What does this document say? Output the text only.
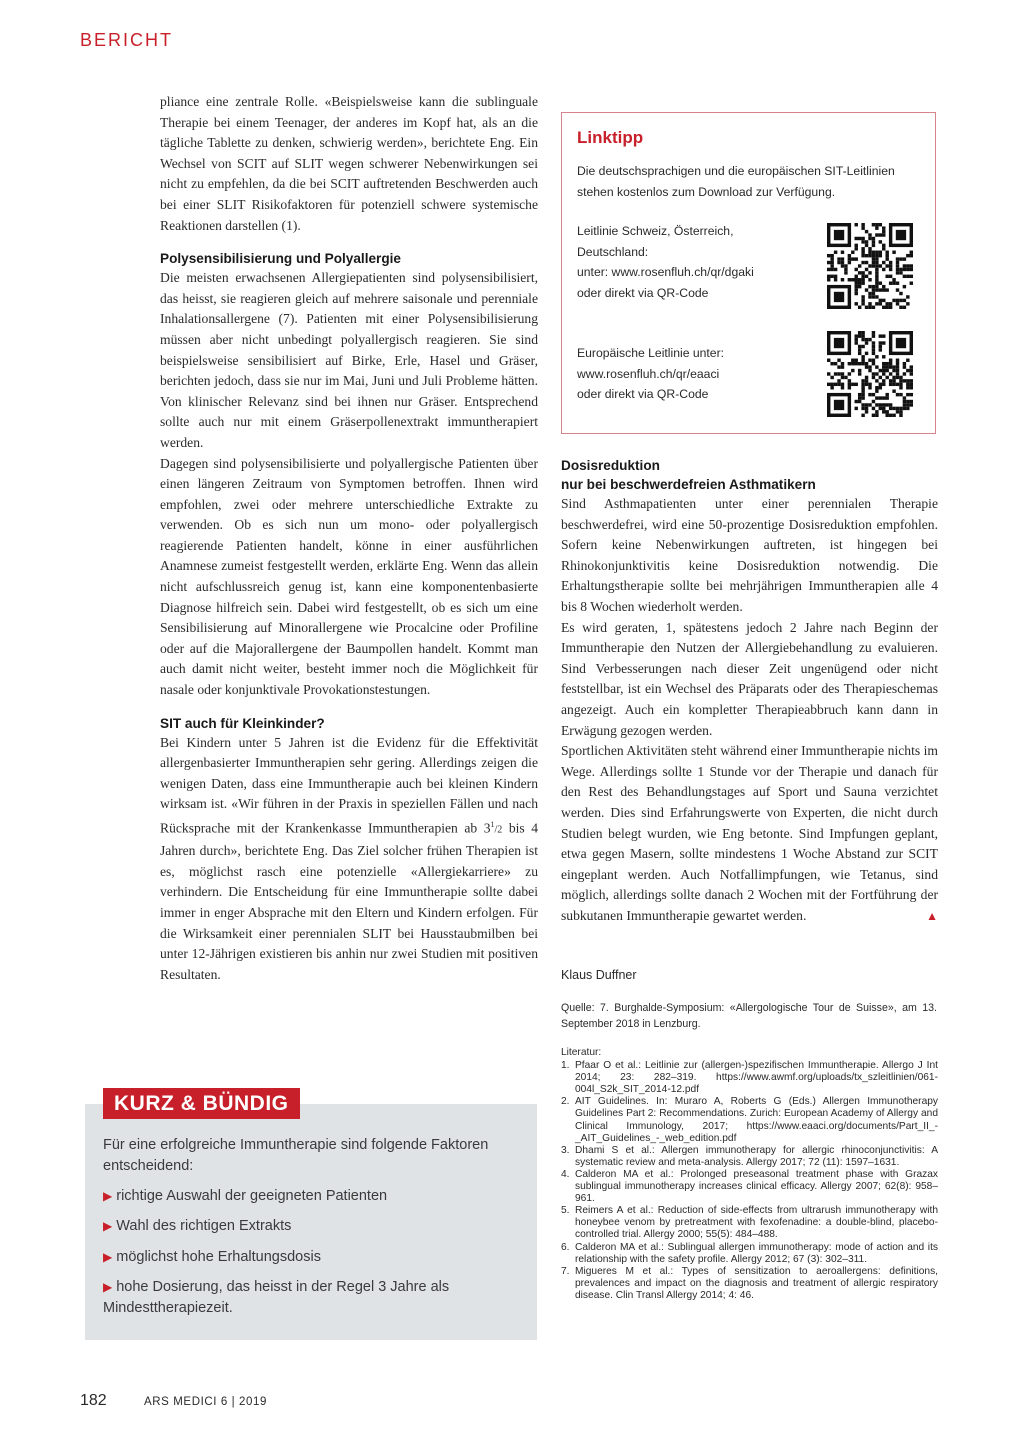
BERICHT

pliance eine zentrale Rolle. «Beispielsweise kann die sublinguale Therapie bei einem Teenager, der anderes im Kopf hat, als an die tägliche Tablette zu denken, schwierig werden», berichtete Eng. Ein Wechsel von SCIT auf SLIT wegen schwerer Nebenwirkungen sei nicht zu empfehlen, da die bei SCIT auftretenden Beschwerden auch bei einer SLIT Risikofaktoren für potenziell schwere systemische Reaktionen darstellen (1).

Polysensibilisierung und Polyallergie

Die meisten erwachsenen Allergiepatienten sind polysensibilisiert, das heisst, sie reagieren gleich auf mehrere saisonale und perenniale Inhalationsallergene (7). Patienten mit einer Polysensibilisierung müssen aber nicht unbedingt polyallergisch reagieren. Sie sind beispielsweise sensibilisiert auf Birke, Erle, Hasel und Gräser, berichten jedoch, dass sie nur im Mai, Juni und Juli Probleme hätten. Von klinischer Relevanz sind bei ihnen nur Gräser. Entsprechend sollte auch nur mit einem Gräserpollenextrakt immuntherapiert werden.

Dagegen sind polysensibilisierte und polyallergische Patienten über einen längeren Zeitraum von Symptomen betroffen. Ihnen wird empfohlen, zwei oder mehrere unterschiedliche Extrakte zu verwenden. Ob es sich nun um mono- oder polyallergisch reagierende Patienten handelt, könne in einer ausführlichen Anamnese zumeist festgestellt werden, erklärte Eng. Wenn das allein nicht aufschlussreich genug ist, kann eine komponentenbasierte Diagnose hilfreich sein. Dabei wird festgestellt, ob es sich um eine Sensibilisierung auf Minorallergene wie Procalcine oder Profiline oder auf die Majorallergene der Baumpollen handelt. Kommt man auch damit nicht weiter, besteht immer noch die Möglichkeit für nasale oder konjunktivale Provokationstestungen.

SIT auch für Kleinkinder?

Bei Kindern unter 5 Jahren ist die Evidenz für die Effektivität allergenbasierter Immuntherapien sehr gering. Allerdings zeigen die wenigen Daten, dass eine Immuntherapie auch bei kleinen Kindern wirksam ist. «Wir führen in der Praxis in speziellen Fällen und nach Rücksprache mit der Krankenkasse Immuntherapien ab $3^1/2$ bis 4 Jahren durch», berichtete Eng. Das Ziel solcher frühen Therapien ist es, möglichst rasch eine potenzielle «Allergiekarriere» zu verhindern. Die Entscheidung für eine Immuntherapie sollte dabei immer in enger Absprache mit den Eltern und Kindern erfolgen. Für die Wirksamkeit einer perennialen SLIT bei Hausstaubmilben bei unter 12-Jährigen existieren bis anhin nur zwei Studien mit positiven Resultaten.

Linktipp
Die deutschsprachigen und die europäischen SIT-Leitlinien
stehen kostenlos zum Download zur Verfügung.
Leitlinie Schweiz, Österreich,
Deutschland:
unter: www.rosenfluh.ch/qr/dgaki
oder direkt via QR-Code
Europäische Leitlinie unter:
www.rosenfluh.ch/qr/eaaci
oder direkt via QR-Code

Dosisreduktion

nur bei beschwerdefreien Asthmatikern

Sind Asthmapatienten unter einer perennialen Therapie beschwerdefrei, wird eine 50-prozentige Dosisreduktion empfohlen. Sofern keine Nebenwirkungen auftreten, ist hingegen bei Rhinokonjunktivitis keine Dosisreduktion notwendig. Die Erhaltungstherapie sollte bei mehrjährigen Immuntherapien alle 4 bis 8 Wochen wiederholt werden.

Es wird geraten, 1, spätestens jedoch 2 Jahre nach Beginn der Immuntherapie den Nutzen der Allergiebehandlung zu evaluieren. Sind Verbesserungen nach dieser Zeit ungenügend oder nicht feststellbar, ist ein Wechsel des Präparats oder des Therapieschemas angezeigt. Auch ein kompletter Therapieabbruch kann dann in Erwägung gezogen werden.

Sportlichen Aktivitäten steht während einer Immuntherapie nichts im Wege. Allerdings sollte 1 Stunde vor der Therapie und danach für den Rest des Behandlungstages auf Sport und Sauna verzichtet werden. Dies sind Erfahrungswerte von Experten, die nicht durch Studien belegt wurden, wie Eng betonte. Sind Impfungen geplant, etwa gegen Masern, sollte mindestens 1 Woche Abstand zur SCIT eingeplant werden. Auch Notfallimpfungen, wie Tetanus, sind möglich, allerdings sollte danach 2 Wochen mit der Fortführung der subkutanen Immuntherapie gewartet werden.	▲

Klaus Duffner

Quelle: 7. Burghalde-Symposium: «Allergologische Tour de Suisse», am 13. September 2018 in Lenzburg.

Literatur:

1. Pfaar O et al.: Leitlinie zur (allergen-)spezifischen Immuntherapie. Allergo J Int 2014; 23: 282–319. https://www.awmf.org/uploads/tx_szleitlinien/061-004l_S2k_SIT_2014-12.pdf
2. AIT Guidelines. In: Muraro A, Roberts G (Eds.) Allergen Immunotherapy Guidelines Part 2: Recommendations. Zurich: European Academy of Allergy and Clinical Immunology, 2017; https://www.eaaci.org/documents/Part_II_-_AIT_Guidelines_-_web_edition.pdf
3. Dhami S et al.: Allergen immunotherapy for allergic rhinoconjunctivitis: A systematic review and meta-analysis. Allergy 2017; 72 (11): 1597–1631.
4. Calderon MA et al.: Prolonged preseasonal treatment phase with Grazax sublingual immunotherapy increases clinical efficacy. Allergy 2007; 62(8): 958–961.
5. Reimers A et al.: Reduction of side-effects from ultrarush immunotherapy with honeybee venom by pretreatment with fexofenadine: a double-blind, placebo-controlled trial. Allergy 2000; 55(5): 484–488.
6. Calderon MA et al.: Sublingual allergen immunotherapy: mode of action and its relationship with the safety profile. Allergy 2012; 67 (3): 302–311.
7. Migueres M et al.: Types of sensitization to aeroallergens: definitions, prevalences and impact on the diagnosis and treatment of allergic respiratory disease. Clin Transl Allergy 2014; 4: 46.
KURZ & BÜNDIG

Für eine erfolgreiche Immuntherapie sind folgende Faktoren entscheidend:

▶ richtige Auswahl der geeigneten Patienten
▶ Wahl des richtigen Extrakts
▶ möglichst hohe Erhaltungsdosis
▶ hohe Dosierung, das heisst in der Regel 3 Jahre als Mindesttherapiezeit.
182	ARS MEDICI 6 | 2019
